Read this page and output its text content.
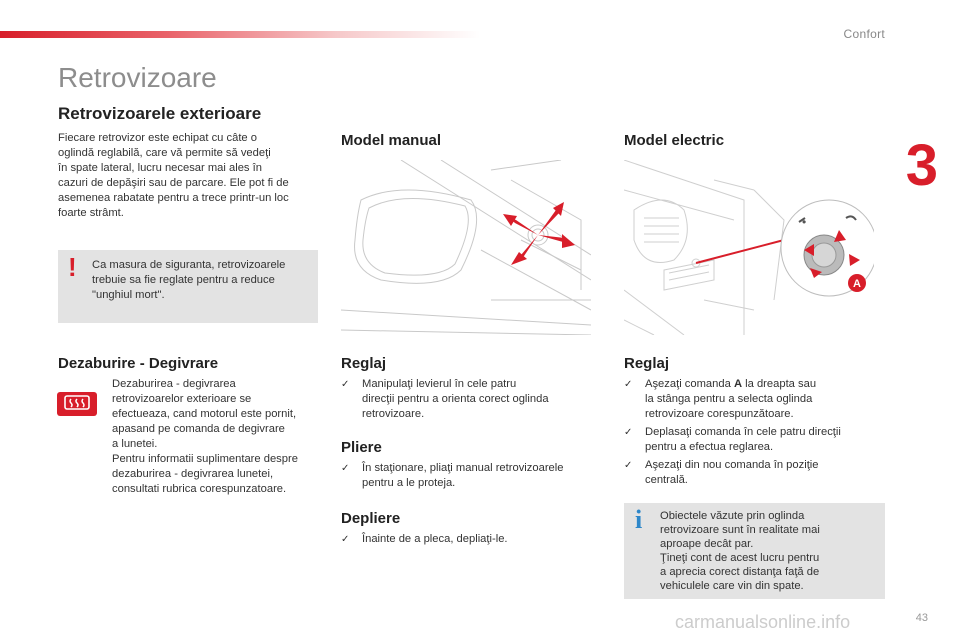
Confort
3
Retrovizoare
Retrovizoarele exterioare
Fiecare retrovizor este echipat cu câte o
oglindă reglabilă, care vă permite să vedeţi
în spate lateral, lucru necesar mai ales în
cazuri de depăşiri sau de parcare. Ele pot fi de
asemenea rabatate pentru a trece printr-un loc
foarte strâmt.
! Ca masura de siguranta, retrovizoarele
trebuie sa fie reglate pentru a reduce
"unghiul mort".
Dezaburire - Degivrare
Dezaburirea - degivrarea
retrovizoarelor exterioare se
efectueaza, cand motorul este pornit,
apasand pe comanda de degivrare
a lunetei.
Pentru informatii suplimentare despre
dezaburirea - degivrarea lunetei,
consultati rubrica corespunzatoare.
Model manual
Reglaj
✓ Manipulaţi levierul în cele patru
direcţii pentru a orienta corect oglinda
retrovizoare.
Pliere
✓ În staţionare, pliaţi manual retrovizoarele
pentru a le proteja.
Depliere
✓ Înainte de a pleca, depliaţi-le.
Model electric
•
A
Reglaj
✓ Aşezaţi comanda A la dreapta sau
la stânga pentru a selecta oglinda
retrovizoare corespunzătoare.
✓ Deplasaţi comanda în cele patru direcţii
pentru a efectua reglarea.
✓ Aşezaţi din nou comanda în poziţie
centrală.
i Obiectele văzute prin oglinda
retrovizoare sunt în realitate mai
aproape decât par.
Ţineţi cont de acest lucru pentru
a aprecia corect distanţa faţă de
vehiculele care vin din spate.
43
carmanualsonline.info
